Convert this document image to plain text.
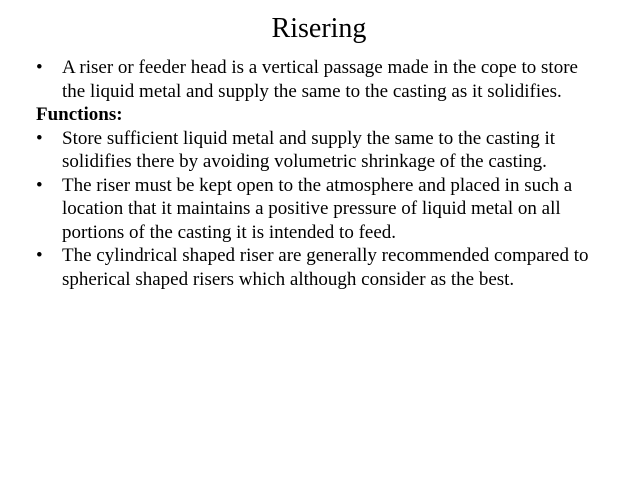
Risering
•	A riser or feeder head is a vertical passage made in the cope to store the liquid metal and supply the same to the casting as it solidifies.
Functions:
•	Store sufficient liquid metal and supply the same to the casting it solidifies there by avoiding volumetric shrinkage of the casting.
•	The riser must be kept open to the atmosphere and placed in such a location that it maintains a positive pressure of liquid metal on all portions of the casting it is intended to feed.
•	The cylindrical shaped riser are generally recommended compared to spherical shaped risers which although consider as the best.
